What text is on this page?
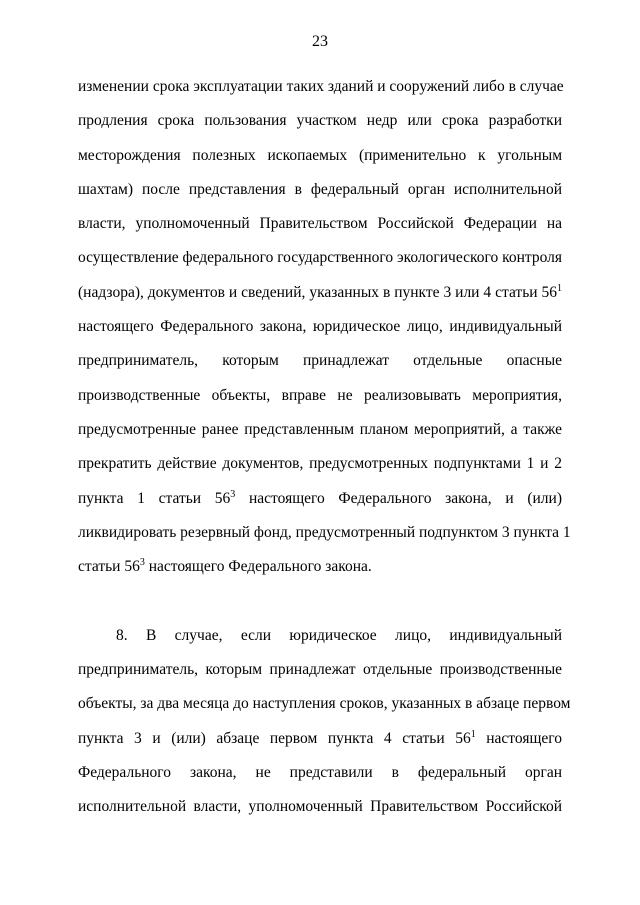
23
изменении срока эксплуатации таких зданий и сооружений либо в случае
продления срока пользования участком недр или срока разработки
месторождения полезных ископаемых (применительно к угольным
шахтам) после представления в федеральный орган исполнительной
власти, уполномоченный Правительством Российской Федерации на
осуществление федерального государственного экологического контроля
(надзора), документов и сведений, указанных в пункте 3 или 4 статьи $56^1$
настоящего Федерального закона, юридическое лицо, индивидуальный
предприниматель, которым принадлежат отдельные опасные
производственные объекты, вправе не реализовывать мероприятия,
предусмотренные ранее представленным планом мероприятий, а также
прекратить действие документов, предусмотренных подпунктами 1 и 2
пункта 1 статьи $56^3$ настоящего Федерального закона, и (или)
ликвидировать резервный фонд, предусмотренный подпунктом 3 пункта 1
статьи $56^3$ настоящего Федерального закона.
8. В случае, если юридическое лицо, индивидуальный
предприниматель, которым принадлежат отдельные производственные
объекты, за два месяца до наступления сроков, указанных в абзаце первом
пункта 3 и (или) абзаце первом пункта 4 статьи $56^1$ настоящего
Федерального закона, не представили в федеральный орган
исполнительной власти, уполномоченный Правительством Российской
